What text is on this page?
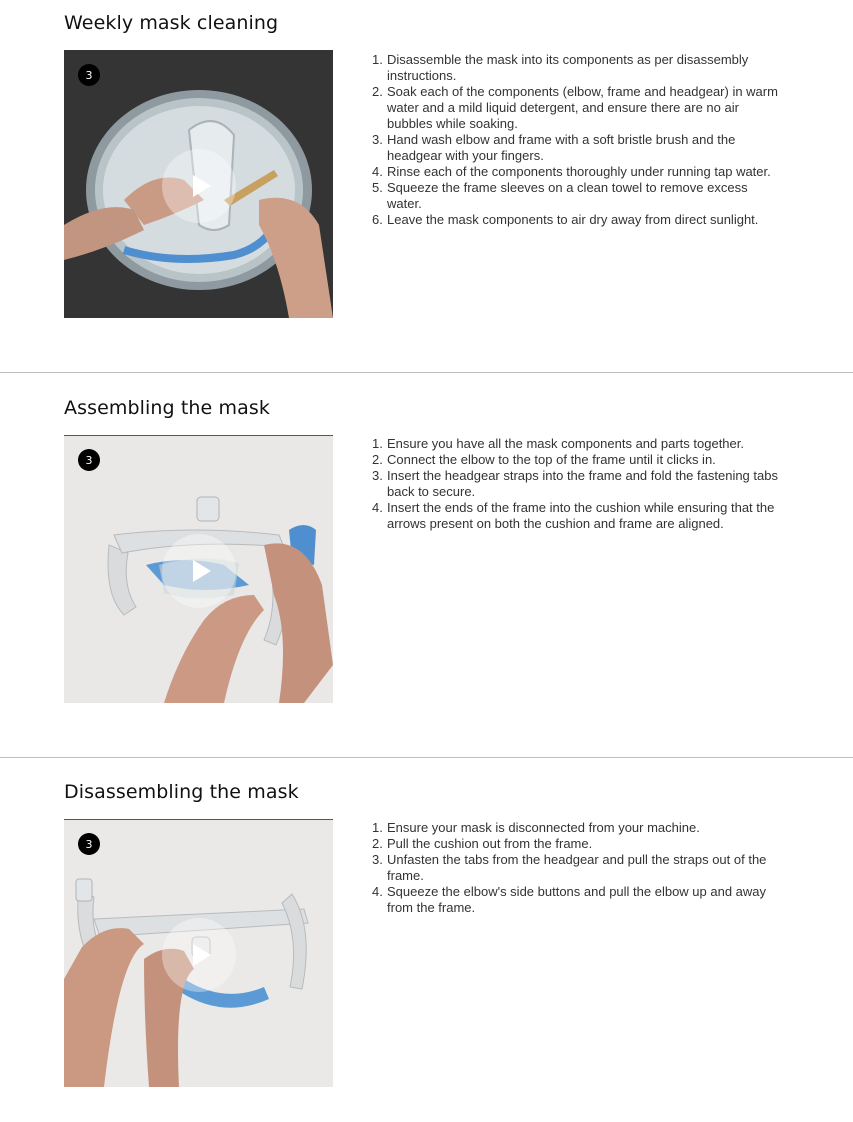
Weekly mask cleaning
3
1. Disassemble the mask into its components as per disassembly instructions.
2. Soak each of the components (elbow, frame and headgear) in warm water and a mild liquid detergent, and ensure there are no air bubbles while soaking.
3. Hand wash elbow and frame with a soft bristle brush and the headgear with your fingers.
4. Rinse each of the components thoroughly under running tap water.
5. Squeeze the frame sleeves on a clean towel to remove excess water.
6. Leave the mask components to air dry away from direct sunlight.
Assembling the mask
3
1. Ensure you have all the mask components and parts together.
2. Connect the elbow to the top of the frame until it clicks in.
3. Insert the headgear straps into the frame and fold the fastening tabs back to secure.
4. Insert the ends of the frame into the cushion while ensuring that the arrows present on both the cushion and frame are aligned.
Disassembling the mask
3
1. Ensure your mask is disconnected from your machine.
2. Pull the cushion out from the frame.
3. Unfasten the tabs from the headgear and pull the straps out of the frame.
4. Squeeze the elbow's side buttons and pull the elbow up and away from the frame.
